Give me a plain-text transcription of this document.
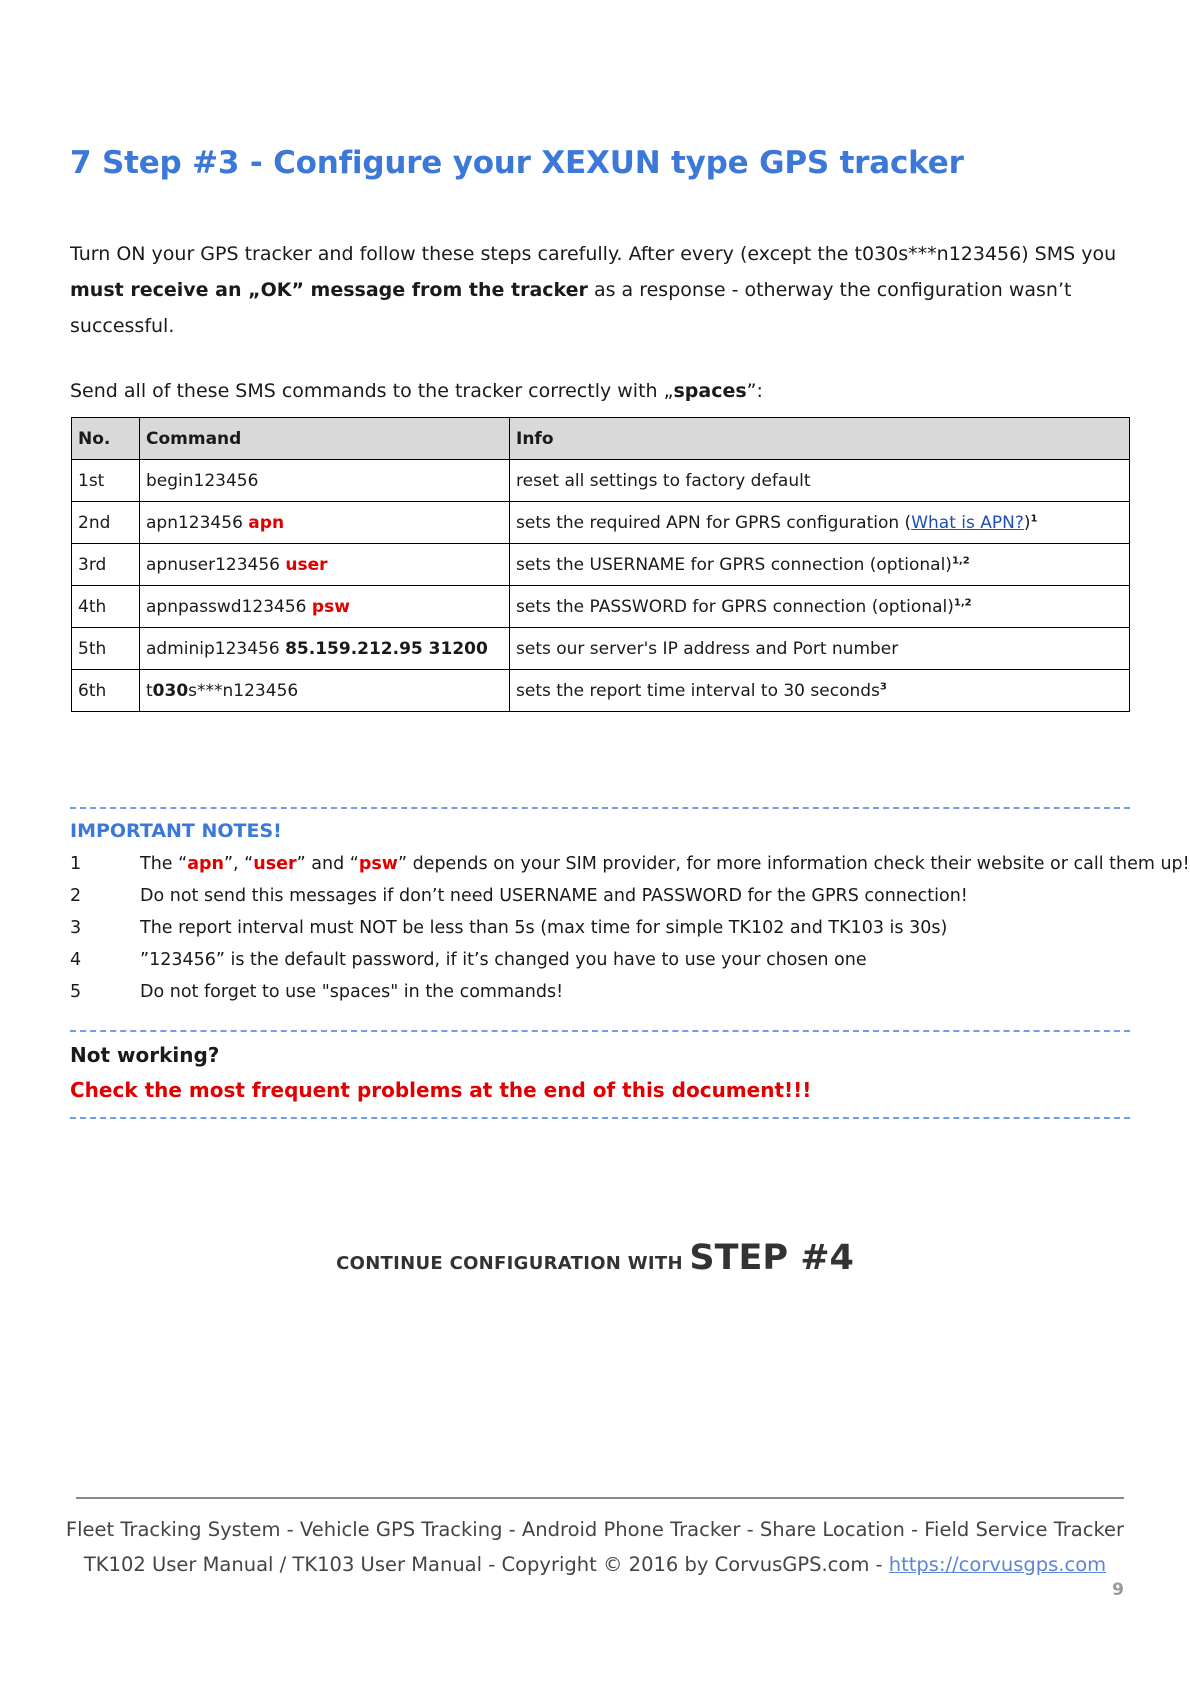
7 Step #3 - Configure your XEXUN type GPS tracker
Turn ON your GPS tracker and follow these steps carefully. After every (except the t030s***n123456) SMS you must receive an „OK” message from the tracker as a response - otherway the configuration wasn’t successful.
Send all of these SMS commands to the tracker correctly with „spaces”:
No.	Command	Info
1st	begin123456	reset all settings to factory default
2nd	apn123456 apn	sets the required APN for GPRS configuration (What is APN?)$^1$
3rd	apnuser123456 user	sets the USERNAME for GPRS connection (optional)$^{1,2}$
4th	apnpasswd123456 psw	sets the PASSWORD for GPRS connection (optional)$^{1,2}$
5th	adminip123456 85.159.212.95 31200	sets our server's IP address and Port number
6th	t030s***n123456	sets the report time interval to 30 seconds$^3$
IMPORTANT NOTES!
1	The “apn”, “user” and “psw” depends on your SIM provider, for more information check their website or call them up!
2	Do not send this messages if don’t need USERNAME and PASSWORD for the GPRS connection!
3	The report interval must NOT be less than 5s (max time for simple TK102 and TK103 is 30s)
4	”123456” is the default password, if it’s changed you have to use your chosen one
5	Do not forget to use "spaces" in the commands!
Not working?
Check the most frequent problems at the end of this document!!!
CONTINUE CONFIGURATION WITH STEP #4
Fleet Tracking System - Vehicle GPS Tracking - Android Phone Tracker - Share Location - Field Service Tracker
TK102 User Manual / TK103 User Manual - Copyright © 2016 by CorvusGPS.com - https://corvusgps.com
9
